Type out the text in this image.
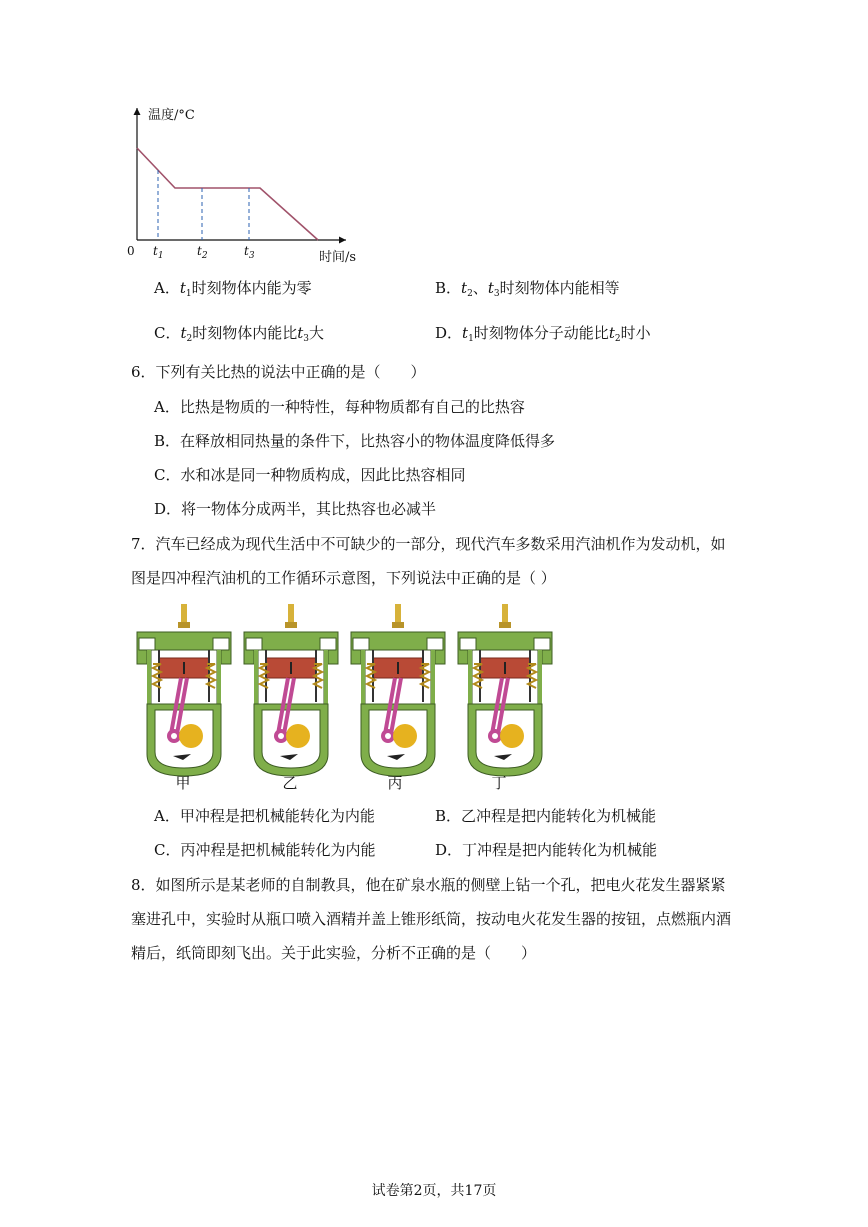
温度/°C
0 $t_1$	$t_2$	$t_3$	时间/s
A．$t_1$时刻物体内能为零	B．$t_2$、$t_3$时刻物体内能相等
C．$t_2$时刻物体内能比$t_3$大	D．$t_1$时刻物体分子动能比$t_2$时小
6．下列有关比热的说法中正确的是（　　）
A．比热是物质的一种特性，每种物质都有自己的比热容
B．在释放相同热量的条件下，比热容小的物体温度降低得多
C．水和冰是同一种物质构成，因此比热容相同
D．将一物体分成两半，其比热容也必减半
7．汽车已经成为现代生活中不可缺少的一部分，现代汽车多数采用汽油机作为发动机，如
图是四冲程汽油机的工作循环示意图，下列说法中正确的是（ ）
甲	乙	丙	丁
A．甲冲程是把机械能转化为内能	B．乙冲程是把内能转化为机械能
C．丙冲程是把机械能转化为内能	D．丁冲程是把内能转化为机械能
8．如图所示是某老师的自制教具，他在矿泉水瓶的侧壁上钻一个孔，把电火花发生器紧紧
塞进孔中，实验时从瓶口喷入酒精并盖上锥形纸筒，按动电火花发生器的按钮，点燃瓶内酒
精后，纸筒即刻飞出。关于此实验，分析不正确的是（　　）
试卷第2页，共17页
